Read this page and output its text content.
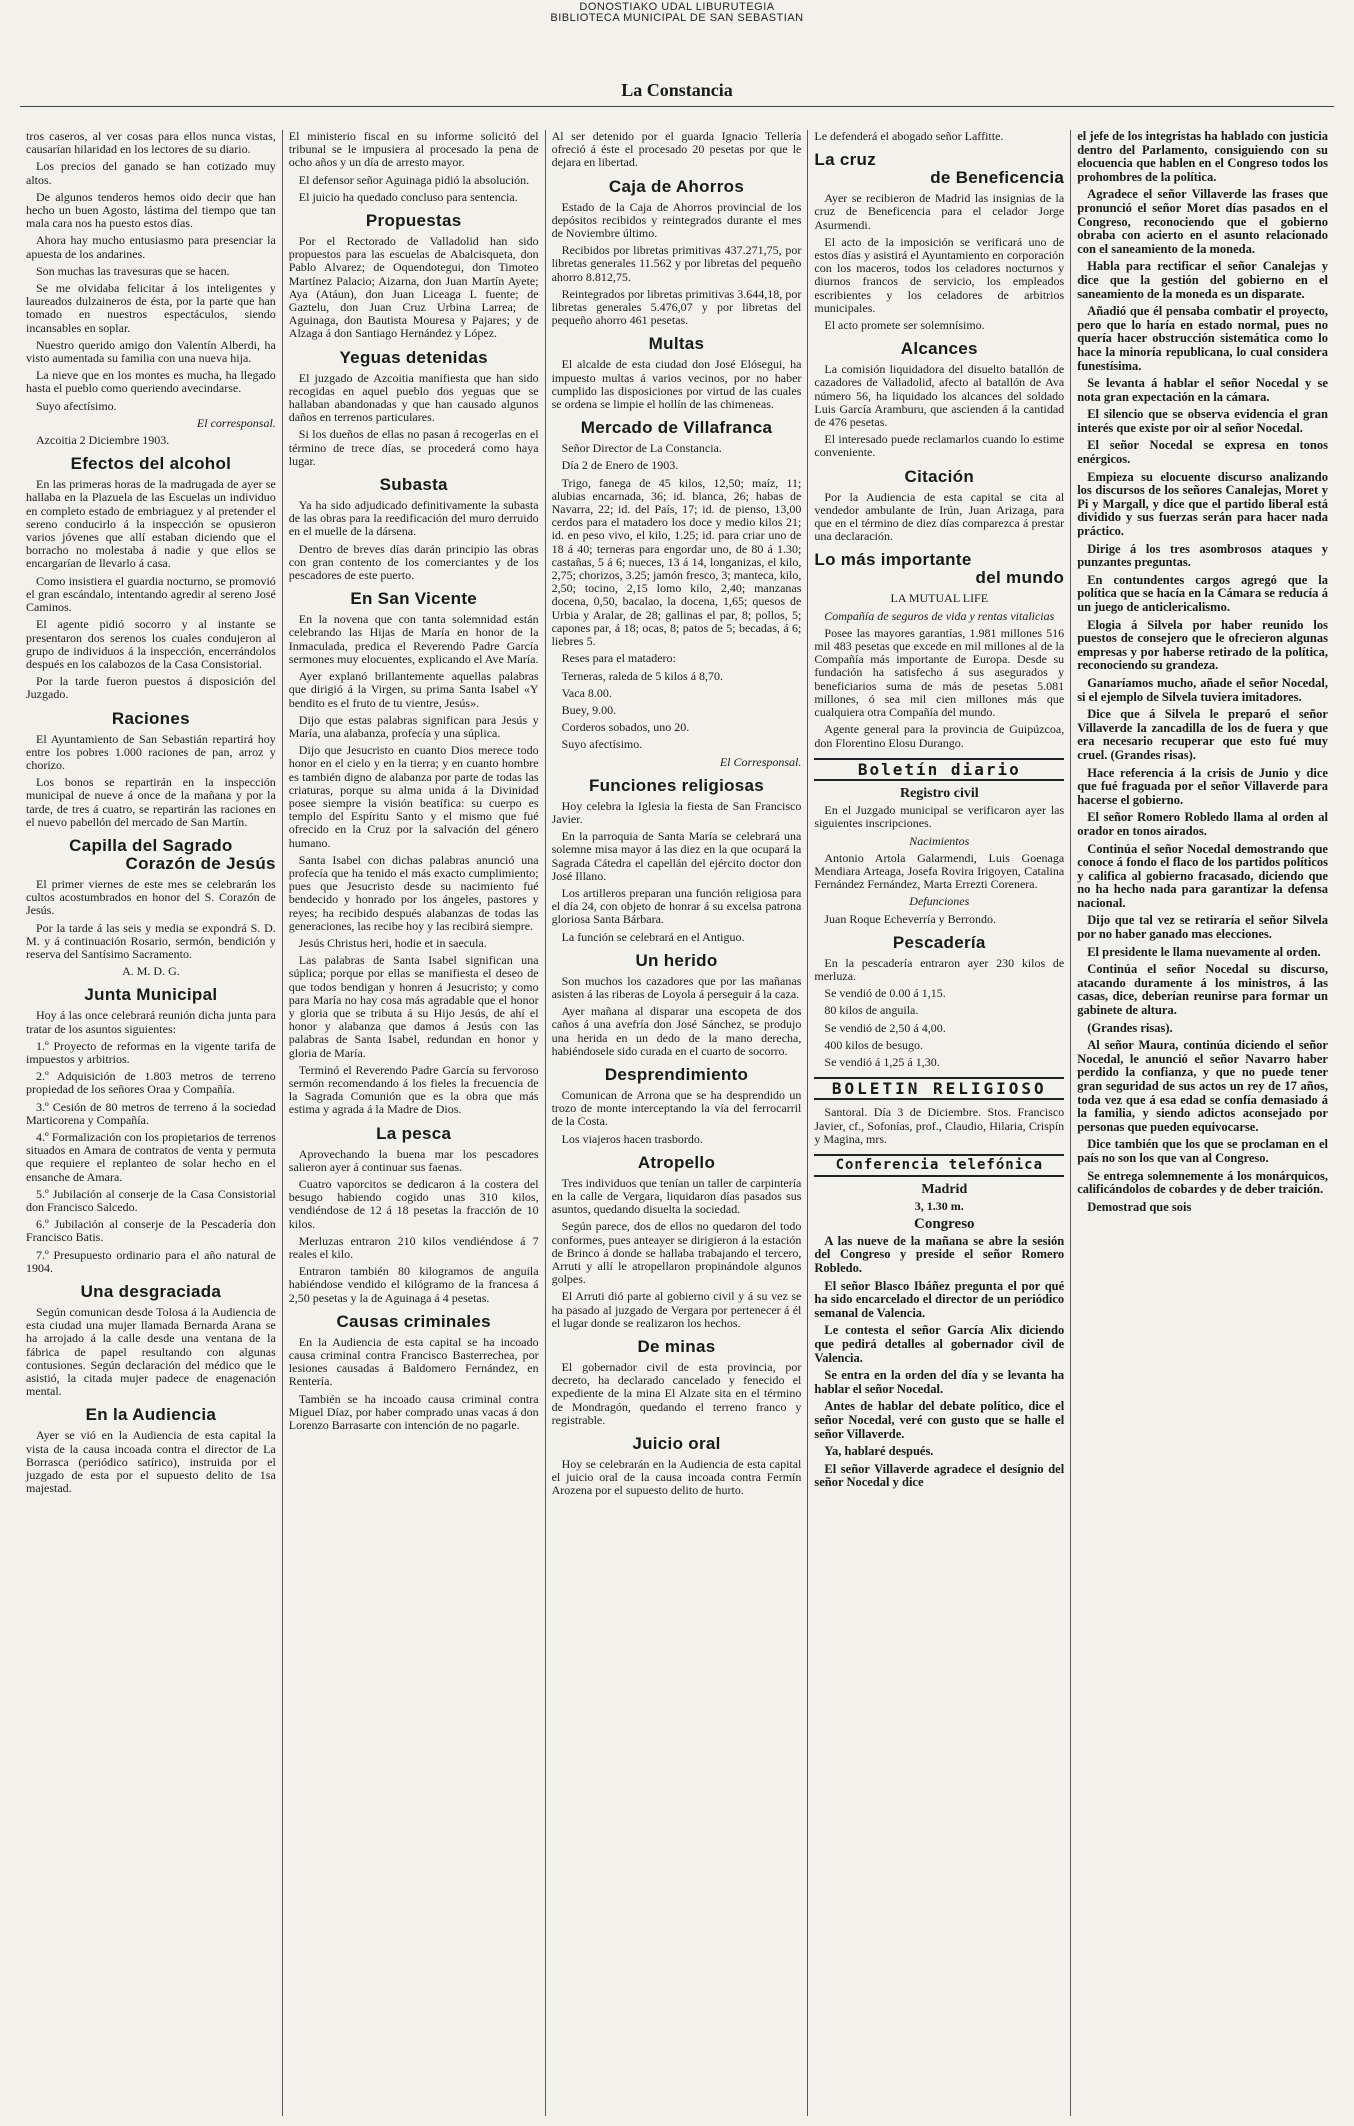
DONOSTIAKO UDAL LIBURUTEGIA
BIBLIOTECA MUNICIPAL DE SAN SEBASTIAN
La Constancia

tros caseros, al ver cosas para ellos nunca vistas, causarían hilaridad en los lectores de su diario.

Los precios del ganado se han cotizado muy altos.

De algunos tenderos hemos oido decir que han hecho un buen Agosto, lástima del tiempo que tan mala cara nos ha puesto estos días.

Ahora hay mucho entusiasmo para presenciar la apuesta de los andarines.

Son muchas las travesuras que se hacen.

Se me olvidaba felicitar á los inteligentes y laureados dulzaineros de ésta, por la parte que han tomado en nuestros espectáculos, siendo incansables en soplar.

Nuestro querido amigo don Valentín Alberdi, ha visto aumentada su familia con una nueva hija.

La nieve que en los montes es mucha, ha llegado hasta el pueblo como queriendo avecindarse.

Suyo afectísimo.

El corresponsal.

Azcoitia 2 Diciembre 1903.

Efectos del alcohol

En las primeras horas de la madrugada de ayer se hallaba en la Plazuela de las Escuelas un individuo en completo estado de embriaguez y al pretender el sereno conducirlo á la inspección se opusieron varios jóvenes que allí estaban diciendo que el borracho no molestaba á nadie y que ellos se encargarían de llevarlo á casa.

Como insistiera el guardia nocturno, se promovió el gran escándalo, intentando agredir al sereno José Caminos.

El agente pidió socorro y al instante se presentaron dos serenos los cuales condujeron al grupo de individuos á la inspección, encerrándolos después en los calabozos de la Casa Consistorial.

Por la tarde fueron puestos á disposición del Juzgado.

Raciones

El Ayuntamiento de San Sebastián repartirá hoy entre los pobres 1.000 raciones de pan, arroz y chorizo.

Los bonos se repartirán en la inspección municipal de nueve á once de la mañana y por la tarde, de tres á cuatro, se repartirán las raciones en el nuevo pabellón del mercado de San Martín.

Capilla del Sagrado
Corazón de Jesús

El primer viernes de este mes se celebrarán los cultos acostumbrados en honor del S. Corazón de Jesús.

Por la tarde á las seis y media se expondrá S. D. M. y á continuación Rosario, sermón, bendición y reserva del Santísimo Sacramento.

A. M. D. G.

Junta Municipal

Hoy á las once celebrará reunión dicha junta para tratar de los asuntos siguientes:

1.º Proyecto de reformas en la vigente tarifa de impuestos y arbitrios.

2.º Adquisición de 1.803 metros de terreno propiedad de los señores Oraa y Compañía.

3.º Cesión de 80 metros de terreno á la sociedad Marticorena y Compañía.

4.º Formalización con los propietarios de terrenos situados en Amara de contratos de venta y permuta que requiere el replanteo de solar hecho en el ensanche de Amara.

5.º Jubilación al conserje de la Casa Consistorial don Francisco Salcedo.

6.º Jubilación al conserje de la Pescadería don Francisco Batis.

7.º Presupuesto ordinario para el año natural de 1904.

Una desgraciada

Según comunican desde Tolosa á la Audiencia de esta ciudad una mujer llamada Bernarda Arana se ha arrojado á la calle desde una ventana de la fábrica de papel resultando con algunas contusiones. Según declaración del médico que le asistió, la citada mujer padece de enagenación mental.

En la Audiencia

Ayer se vió en la Audiencia de esta capital la vista de la causa incoada contra el director de La Borrasca (periódico satírico), instruida por el juzgado de esta por el supuesto delito de 1sa majestad.

El ministerio fiscal en su informe solicitó del tribunal se le impusiera al procesado la pena de ocho años y un día de arresto mayor.

El defensor señor Aguinaga pidió la absolución.

El juicio ha quedado concluso para sentencia.

Propuestas

Por el Rectorado de Valladolid han sido propuestos para las escuelas de Abalcisqueta, don Pablo Alvarez; de Oquendotegui, don Timoteo Martínez Palacio; Aizarna, don Juan Martín Ayete; Aya (Atáun), don Juan Liceaga L fuente; de Gaztelu, don Juan Cruz Urbina Larrea; de Aguinaga, don Bautista Mouresa y Pajares; y de Alzaga á don Santiago Hernández y López.

Yeguas detenidas

El juzgado de Azcoitia manifiesta que han sido recogidas en aquel pueblo dos yeguas que se hallaban abandonadas y que han causado algunos daños en terrenos particulares.

Si los dueños de ellas no pasan á recogerlas en el término de trece días, se procederá como haya lugar.

Subasta

Ya ha sido adjudicado definitivamente la subasta de las obras para la reedificación del muro derruido en el muelle de la dársena.

Dentro de breves días darán principio las obras con gran contento de los comerciantes y de los pescadores de este puerto.

En San Vicente

En la novena que con tanta solemnidad están celebrando las Hijas de María en honor de la Inmaculada, predica el Reverendo Padre García sermones muy elocuentes, explicando el Ave María.

Ayer explanó brillantemente aquellas palabras que dirigió á la Virgen, su prima Santa Isabel «Y bendito es el fruto de tu vientre, Jesús».

Dijo que estas palabras significan para Jesús y María, una alabanza, profecía y una súplica.

Dijo que Jesucristo en cuanto Dios merece todo honor en el cielo y en la tierra; y en cuanto hombre es también digno de alabanza por parte de todas las criaturas, porque su alma unida á la Divinidad posee siempre la visión beatífica: su cuerpo es templo del Espíritu Santo y el mismo que fué ofrecido en la Cruz por la salvación del género humano.

Santa Isabel con dichas palabras anunció una profecía que ha tenido el más exacto cumplimiento; pues que Jesucristo desde su nacimiento fué bendecido y honrado por los ángeles, pastores y reyes; ha recibido después alabanzas de todas las generaciones, las recibe hoy y las recibirá siempre.

Jesús Christus heri, hodie et in saecula.

Las palabras de Santa Isabel significan una súplica; porque por ellas se manifiesta el deseo de que todos bendigan y honren á Jesucristo; y como para María no hay cosa más agradable que el honor y gloria que se tributa á su Hijo Jesús, de ahí el honor y alabanza que damos á Jesús con las palabras de Santa Isabel, redundan en honor y gloria de María.

Terminó el Reverendo Padre García su fervoroso sermón recomendando á los fieles la frecuencia de la Sagrada Comunión que es la obra que más estima y agrada á la Madre de Dios.

La pesca

Aprovechando la buena mar los pescadores salieron ayer á continuar sus faenas.

Cuatro vaporcitos se dedicaron á la costera del besugo habiendo cogido unas 310 kilos, vendiéndose de 12 á 18 pesetas la fracción de 10 kilos.

Merluzas entraron 210 kilos vendiéndose á 7 reales el kilo.

Entraron también 80 kilogramos de anguila habiéndose vendido el kilógramo de la francesa á 2,50 pesetas y la de Aguinaga á 4 pesetas.

Causas criminales

En la Audiencia de esta capital se ha incoado causa criminal contra Francisco Basterrechea, por lesiones causadas á Baldomero Fernández, en Rentería.

También se ha incoado causa criminal contra Miguel Díaz, por haber comprado unas vacas á don Lorenzo Barrasarte con intención de no pagarle.

Al ser detenido por el guarda Ignacio Tellería ofreció á éste el procesado 20 pesetas por que le dejara en libertad.

Caja de Ahorros

Estado de la Caja de Ahorros provincial de los depósitos recibidos y reintegrados durante el mes de Noviembre último.

Recibidos por libretas primitivas 437.271,75, por libretas generales 11.562 y por libretas del pequeño ahorro 8.812,75.

Reintegrados por libretas primitivas 3.644,18, por libretas generales 5.476,07 y por libretas del pequeño ahorro 461 pesetas.

Multas

El alcalde de esta ciudad don José Elósegui, ha impuesto multas á varios vecinos, por no haber cumplido las disposiciones por virtud de las cuales se ordena se limpie el hollín de las chimeneas.

Mercado de Villafranca

Señor Director de La Constancia.

Día 2 de Enero de 1903.

Trigo, fanega de 45 kilos, 12,50; maíz, 11; alubias encarnada, 36; id. blanca, 26; habas de Navarra, 22; id. del País, 17; id. de pienso, 13,00 cerdos para el matadero los doce y medio kilos 21; id. en peso vivo, el kilo, 1.25; id. para criar uno de 18 á 40; terneras para engordar uno, de 80 á 1.30; castañas, 5 á 6; nueces, 13 á 14, longanizas, el kilo, 2,75; chorizos, 3.25; jamón fresco, 3; manteca, kilo, 2,50; tocino, 2,15 lomo kilo, 2,40; manzanas docena, 0,50, bacalao, la docena, 1,65; quesos de Urbia y Aralar, de 28; gallinas el par, 8; pollos, 5; capones par, á 18; ocas, 8; patos de 5; becadas, á 6; liebres 5.

Reses para el matadero:

Terneras, raleda de 5 kilos á 8,70.

Vaca 8.00.

Buey, 9.00.

Corderos sobados, uno 20.

Suyo afectísimo.

El Corresponsal.

Funciones religiosas

Hoy celebra la Iglesia la fiesta de San Francisco Javier.

En la parroquia de Santa María se celebrará una solemne misa mayor á las diez en la que ocupará la Sagrada Cátedra el capellán del ejército doctor don José Illano.

Los artilleros preparan una función religiosa para el día 24, con objeto de honrar á su excelsa patrona gloriosa Santa Bárbara.

La función se celebrará en el Antiguo.

Un herido

Son muchos los cazadores que por las mañanas asisten á las riberas de Loyola á perseguir á la caza.

Ayer mañana al disparar una escopeta de dos caños á una avefría don José Sánchez, se produjo una herida en un dedo de la mano derecha, habiéndosele sido curada en el cuarto de socorro.

Desprendimiento

Comunican de Arrona que se ha desprendido un trozo de monte interceptando la vía del ferrocarril de la Costa.

Los viajeros hacen trasbordo.

Atropello

Tres individuos que tenían un taller de carpintería en la calle de Vergara, liquidaron días pasados sus asuntos, quedando disuelta la sociedad.

Según parece, dos de ellos no quedaron del todo conformes, pues anteayer se dirigieron á la estación de Brinco á donde se hallaba trabajando el tercero, Arruti y allí le atropellaron propinándole algunos golpes.

El Arruti dió parte al gobierno civil y á su vez se ha pasado al juzgado de Vergara por pertenecer á él el lugar donde se realizaron los hechos.

De minas

El gobernador civil de esta provincia, por decreto, ha declarado cancelado y fenecido el expediente de la mina El Alzate sita en el término de Mondragón, quedando el terreno franco y registrable.

Juicio oral

Hoy se celebrarán en la Audiencia de esta capital el juicio oral de la causa incoada contra Fermín Arozena por el supuesto delito de hurto.

Le defenderá el abogado señor Laffitte.

La cruz
de Beneficencia

Ayer se recibieron de Madrid las insignias de la cruz de Beneficencia para el celador Jorge Asurmendi.

El acto de la imposición se verificará uno de estos días y asistirá el Ayuntamiento en corporación con los maceros, todos los celadores nocturnos y diurnos francos de servicio, los empleados escribientes y los celadores de arbitrios municipales.

El acto promete ser solemnísimo.

Alcances

La comisión liquidadora del disuelto batallón de cazadores de Valladolid, afecto al batallón de Ava número 56, ha liquidado los alcances del soldado Luis García Aramburu, que ascienden á la cantidad de 476 pesetas.

El interesado puede reclamarlos cuando lo estime conveniente.

Citación

Por la Audiencia de esta capital se cita al vendedor ambulante de Irún, Juan Arizaga, para que en el término de diez días comparezca á prestar una declaración.

Lo más importante
del mundo

LA MUTUAL LIFE

Compañía de seguros de vida y rentas vitalicias

Posee las mayores garantías, 1.981 millones 516 mil 483 pesetas que excede en mil millones al de la Compañía más importante de Europa. Desde su fundación ha satisfecho á sus asegurados y beneficiarios suma de más de pesetas 5.081 millones, ó sea mil cien millones más que cualquiera otra Compañía del mundo.

Agente general para la provincia de Guipúzcoa, don Florentino Elosu Durango.

Boletín diario
Registro civil

En el Juzgado municipal se verificaron ayer las siguientes inscripciones.

Nacimientos

Antonio Artola Galarmendi, Luis Goenaga Mendiara Arteaga, Josefa Rovira Irigoyen, Catalina Fernández Fernández, Marta Errezti Corenera.

Defunciones

Juan Roque Echeverría y Berrondo.

Pescadería

En la pescadería entraron ayer 230 kilos de merluza.

Se vendió de 0.00 á 1,15.

80 kilos de anguila.

Se vendió de 2,50 á 4,00.

400 kilos de besugo.

Se vendió á 1,25 á 1,30.

BOLETIN RELIGIOSO

Santoral. Día 3 de Diciembre. Stos. Francisco Javier, cf., Sofonías, prof., Claudio, Hilaria, Crispín y Magina, mrs.

Conferencia telefónica

Madrid

3, 1.30 m.

Congreso

A las nueve de la mañana se abre la sesión del Congreso y preside el señor Romero Robledo.

El señor Blasco Ibáñez pregunta el por qué ha sido encarcelado el director de un periódico semanal de Valencia.

Le contesta el señor García Alix diciendo que pedirá detalles al gobernador civil de Valencia.

Se entra en la orden del día y se levanta ha hablar el señor Nocedal.

Antes de hablar del debate político, dice el señor Nocedal, veré con gusto que se halle el señor Villaverde.

Ya, hablaré después.

El señor Villaverde agradece el desígnio del señor Nocedal y dice

el jefe de los integristas ha hablado con justicia dentro del Parlamento, consiguiendo con su elocuencia que hablen en el Congreso todos los prohombres de la política.

Agradece el señor Villaverde las frases que pronunció el señor Moret días pasados en el Congreso, reconociendo que el gobierno obraba con acierto en el asunto relacionado con el saneamiento de la moneda.

Habla para rectificar el señor Canalejas y dice que la gestión del gobierno en el saneamiento de la moneda es un disparate.

Añadió que él pensaba combatir el proyecto, pero que lo haría en estado normal, pues no quería hacer obstrucción sistemática como lo hace la minoría republicana, lo cual considera funestísima.

Se levanta á hablar el señor Nocedal y se nota gran expectación en la cámara.

El silencio que se observa evidencia el gran interés que existe por oir al señor Nocedal.

El señor Nocedal se expresa en tonos enérgicos.

Empieza su elocuente discurso analizando los discursos de los señores Canalejas, Moret y Pi y Margall, y dice que el partido liberal está dividido y sus fuerzas serán para hacer nada práctico.

Dirige á los tres asombrosos ataques y punzantes preguntas.

En contundentes cargos agregó que la política que se hacía en la Cámara se reducía á un juego de anticlericalismo.

Elogia á Silvela por haber reunido los puestos de consejero que le ofrecieron algunas empresas y por haberse retirado de la política, reconociendo su grandeza.

Ganaríamos mucho, añade el señor Nocedal, si el ejemplo de Silvela tuviera imitadores.

Dice que á Silvela le preparó el señor Villaverde la zancadilla de los de fuera y que era necesario recuperar que esto fué muy cruel. (Grandes risas).

Hace referencia á la crisis de Junio y dice que fué fraguada por el señor Villaverde para hacerse el gobierno.

El señor Romero Robledo llama al orden al orador en tonos airados.

Continúa el señor Nocedal demostrando que conoce á fondo el flaco de los partidos políticos y califica al gobierno fracasado, diciendo que no ha hecho nada para garantizar la defensa nacional.

Dijo que tal vez se retiraría el señor Silvela por no haber ganado mas elecciones.

El presidente le llama nuevamente al orden.

Continúa el señor Nocedal su discurso, atacando duramente á los ministros, á las casas, dice, deberían reunirse para formar un gabinete de altura.

(Grandes risas).

Al señor Maura, continúa diciendo el señor Nocedal, le anunció el señor Navarro haber perdido la confianza, y que no puede tener gran seguridad de sus actos un rey de 17 años, toda vez que á esa edad se confía demasiado á la familia, y siendo adictos aconsejado por personas que pueden equivocarse.

Dice también que los que se proclaman en el país no son los que van al Congreso.

Se entrega solemnemente á los monárquicos, calificándolos de cobardes y de deber traición.

Demostrad que sois
